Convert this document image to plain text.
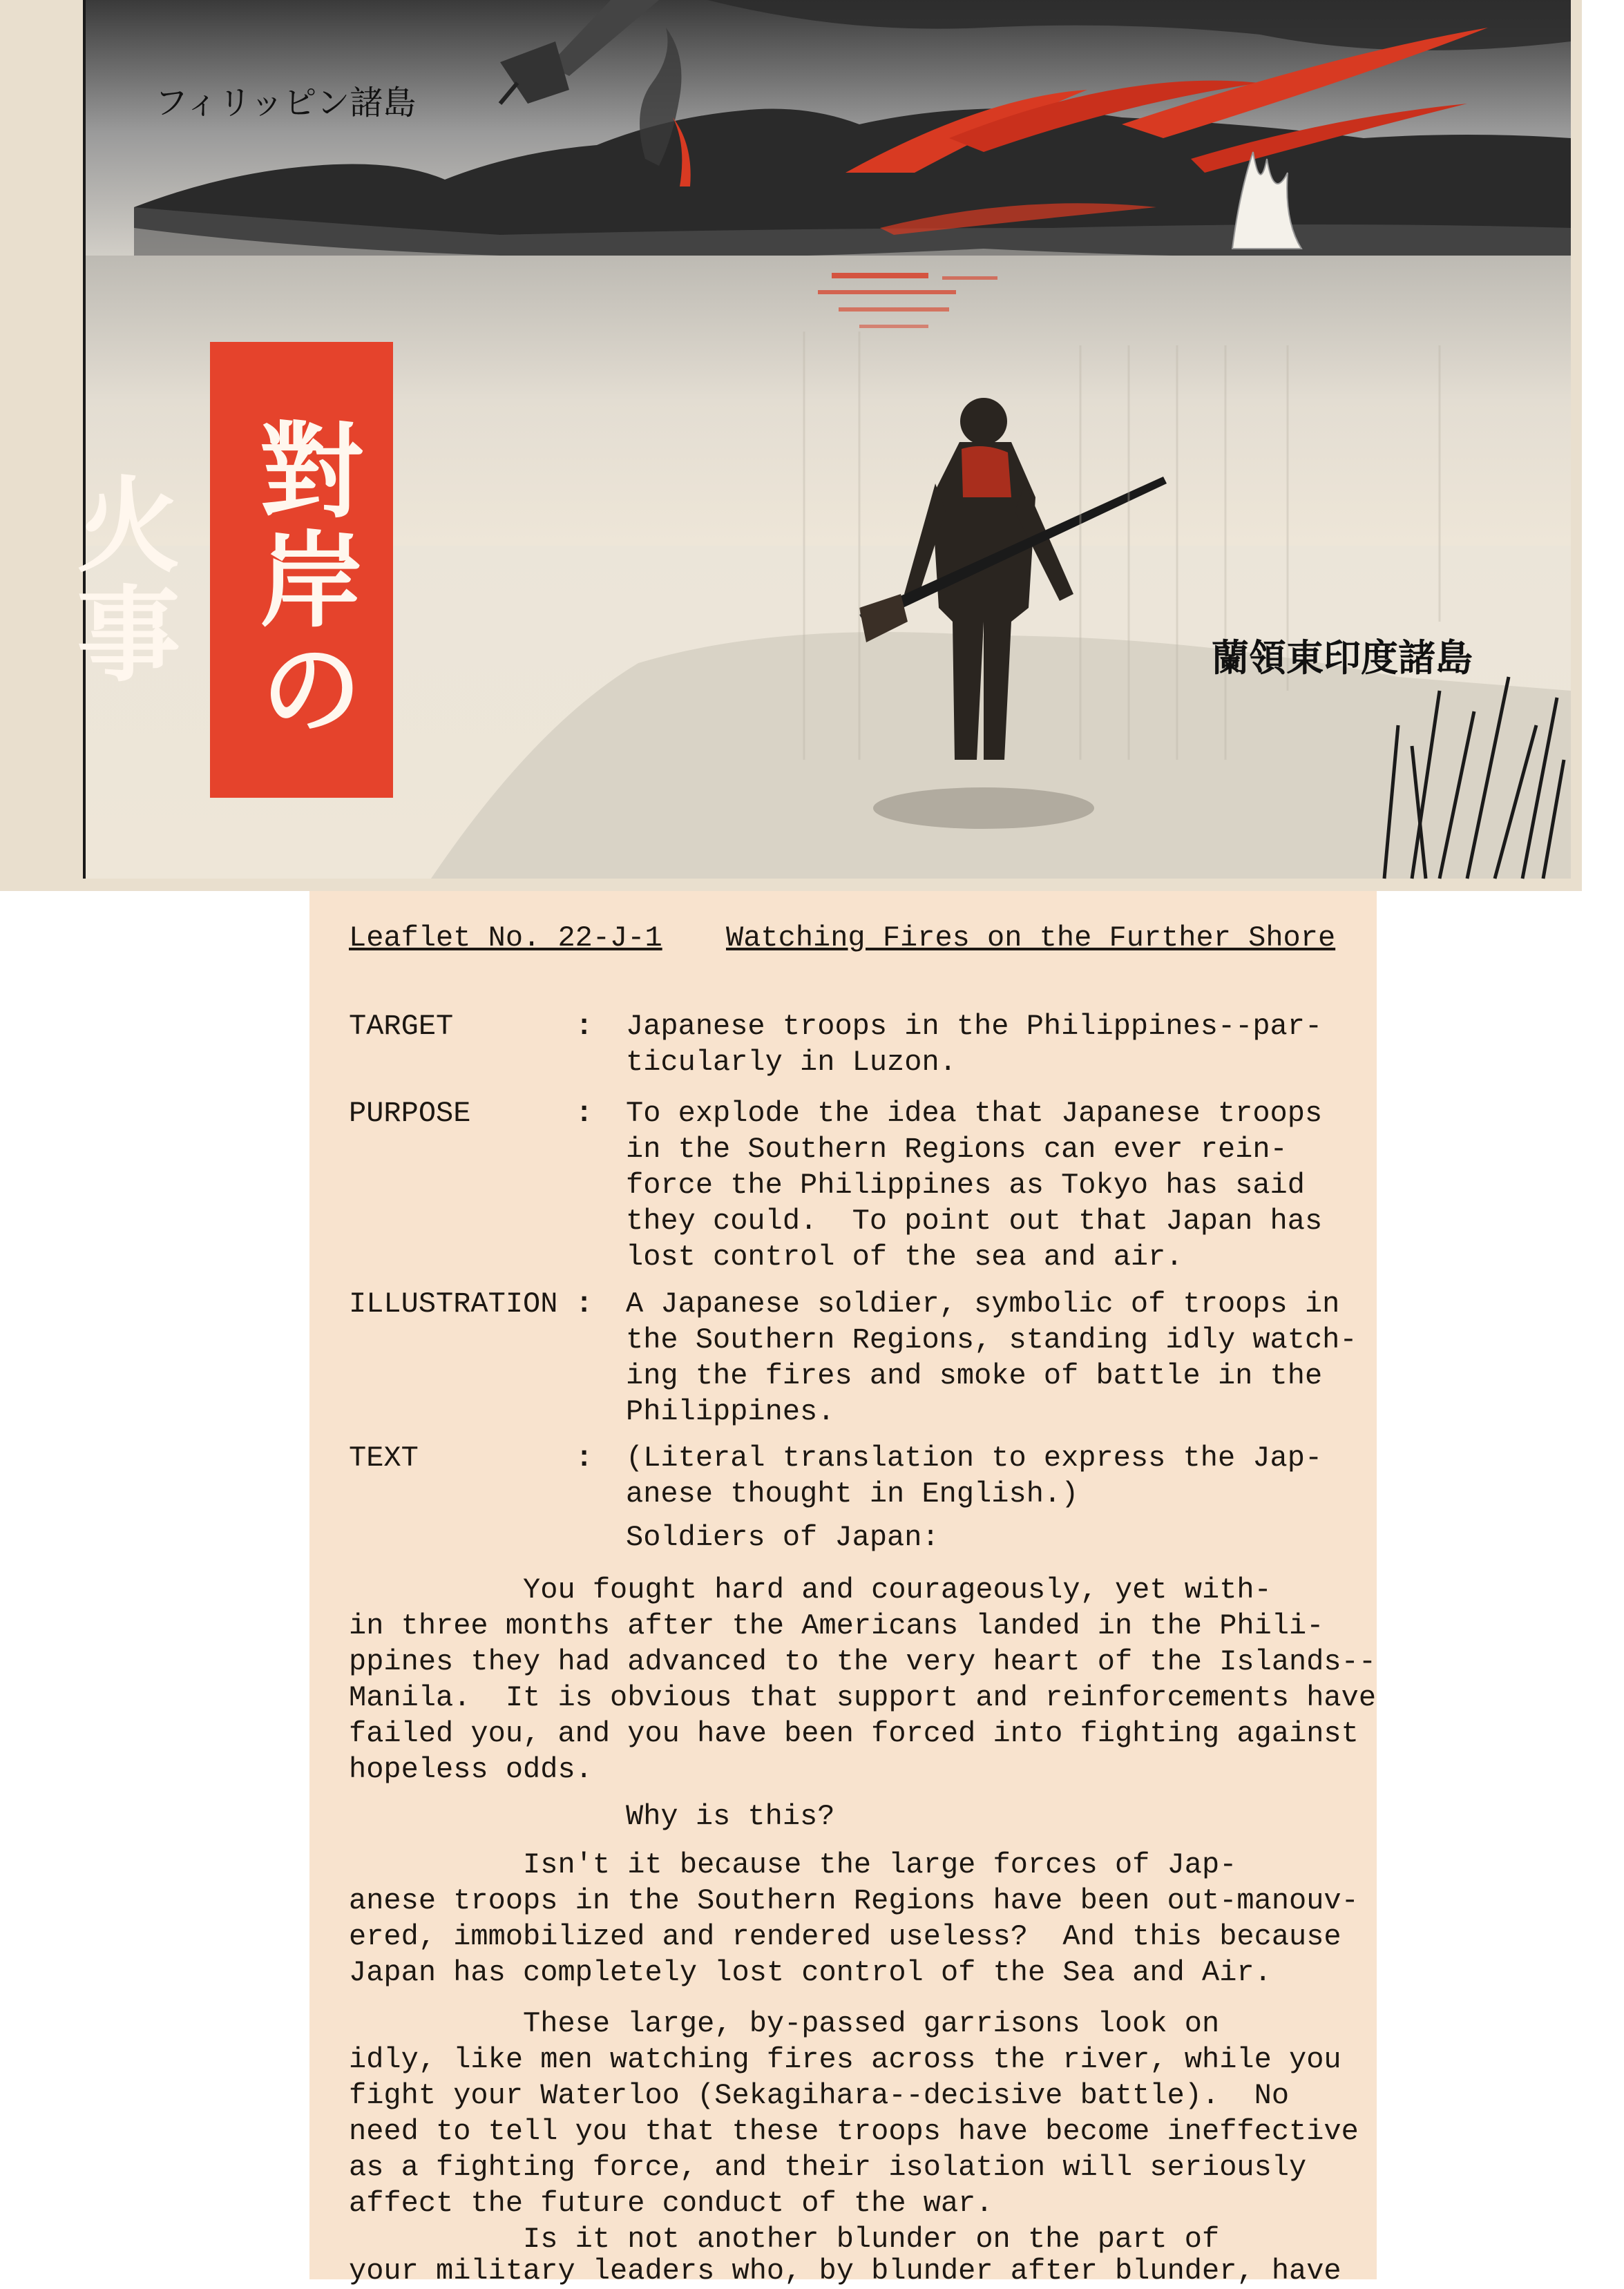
フィリッピン諸島
蘭領東印度諸島
對岸の火事
Leaflet No. 22-J-1 Watching Fires on the Further Shore
TARGET	: Japanese troops in the Philippines--par-
ticularly in Luzon.
PURPOSE	: To explode the idea that Japanese troops
in the Southern Regions can ever rein-
force the Philippines as Tokyo has said
they could.  To point out that Japan has
lost control of the sea and air.
ILLUSTRATION : A Japanese soldier, symbolic of troops in
the Southern Regions, standing idly watch-
ing the fires and smoke of battle in the
Philippines.
TEXT	: (Literal translation to express the Jap-
anese thought in English.)
Soldiers of Japan:
You fought hard and courageously, yet with-
in three months after the Americans landed in the Phili-
ppines they had advanced to the very heart of the Islands--
Manila.  It is obvious that support and reinforcements have
failed you, and you have been forced into fighting against
hopeless odds.
Why is this?
Isn't it because the large forces of Jap-
anese troops in the Southern Regions have been out-manouv-
ered, immobilized and rendered useless?  And this because
Japan has completely lost control of the Sea and Air.
These large, by-passed garrisons look on
idly, like men watching fires across the river, while you
fight your Waterloo (Sekagihara--decisive battle).  No
need to tell you that these troops have become ineffective
as a fighting force, and their isolation will seriously
affect the future conduct of the war.
Is it not another blunder on the part of
your military leaders who, by blunder after blunder, have
